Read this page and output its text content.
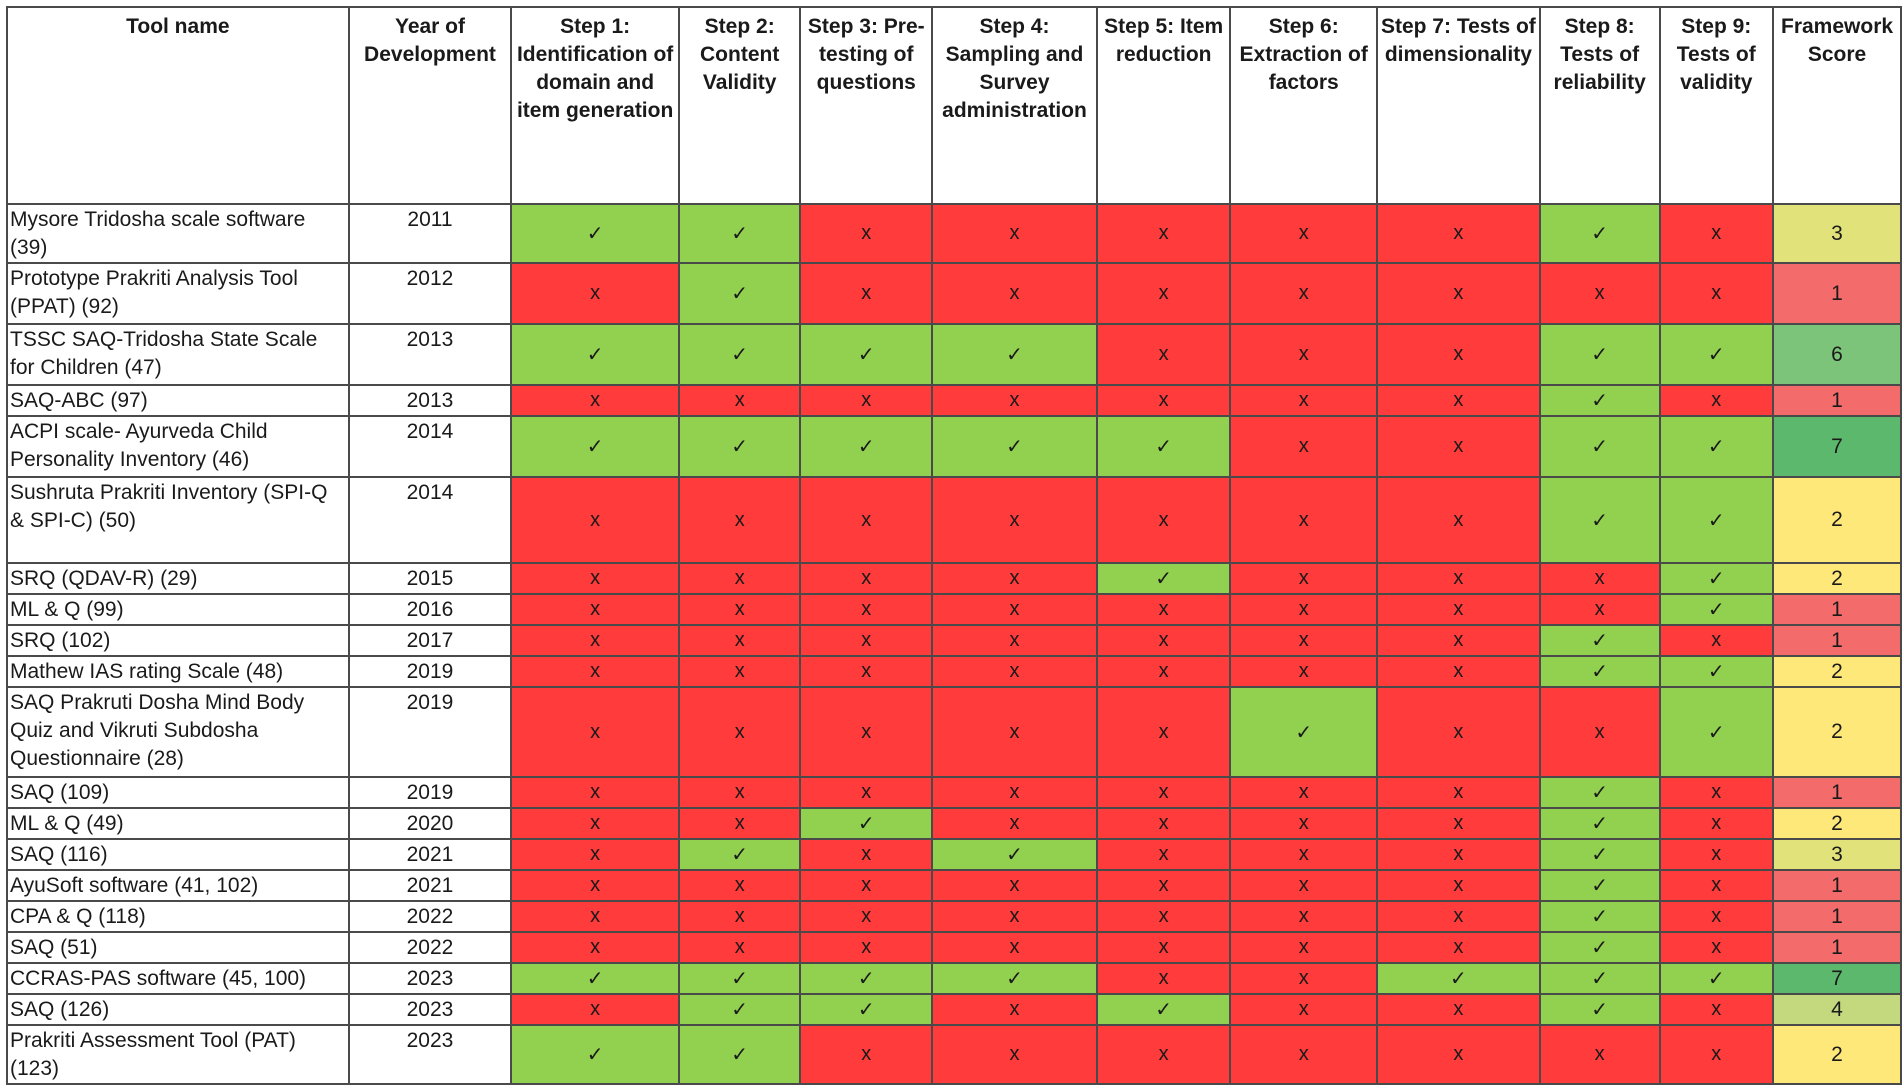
Tool name	Year of Development	Step 1: Identification of domain and item generation	Step 2: Content Validity	Step 3: Pre-testing of questions	Step 4: Sampling and Survey administration	Step 5: Item reduction	Step 6: Extraction of factors	Step 7: Tests of dimensionality	Step 8: Tests of reliability	Step 9: Tests of validity	Framework Score
Mysore Tridosha scale software (39)	2011	✓	✓	x	x	x	x	x	✓	x	3
Prototype Prakriti Analysis Tool (PPAT) (92)	2012	x	✓	x	x	x	x	x	x	x	1
TSSC SAQ-Tridosha State Scale for Children (47)	2013	✓	✓	✓	✓	x	x	x	✓	✓	6
SAQ-ABC (97)	2013	x	x	x	x	x	x	x	✓	x	1
ACPI scale- Ayurveda Child Personality Inventory (46)	2014	✓	✓	✓	✓	✓	x	x	✓	✓	7
Sushruta Prakriti Inventory (SPI-Q & SPI-C) (50)	2014	x	x	x	x	x	x	x	✓	✓	2
SRQ (QDAV-R) (29)	2015	x	x	x	x	✓	x	x	x	✓	2
ML & Q (99)	2016	x	x	x	x	x	x	x	x	✓	1
SRQ (102)	2017	x	x	x	x	x	x	x	✓	x	1
Mathew IAS rating Scale (48)	2019	x	x	x	x	x	x	x	✓	✓	2
SAQ Prakruti Dosha Mind Body Quiz and Vikruti Subdosha Questionnaire (28)	2019	x	x	x	x	x	✓	x	x	✓	2
SAQ (109)	2019	x	x	x	x	x	x	x	✓	x	1
ML & Q (49)	2020	x	x	✓	x	x	x	x	✓	x	2
SAQ (116)	2021	x	✓	x	✓	x	x	x	✓	x	3
AyuSoft software (41, 102)	2021	x	x	x	x	x	x	x	✓	x	1
CPA & Q (118)	2022	x	x	x	x	x	x	x	✓	x	1
SAQ (51)	2022	x	x	x	x	x	x	x	✓	x	1
CCRAS-PAS software (45, 100)	2023	✓	✓	✓	✓	x	x	✓	✓	✓	7
SAQ (126)	2023	x	✓	✓	x	✓	x	x	✓	x	4
Prakriti Assessment Tool (PAT) (123)	2023	✓	✓	x	x	x	x	x	x	x	2
